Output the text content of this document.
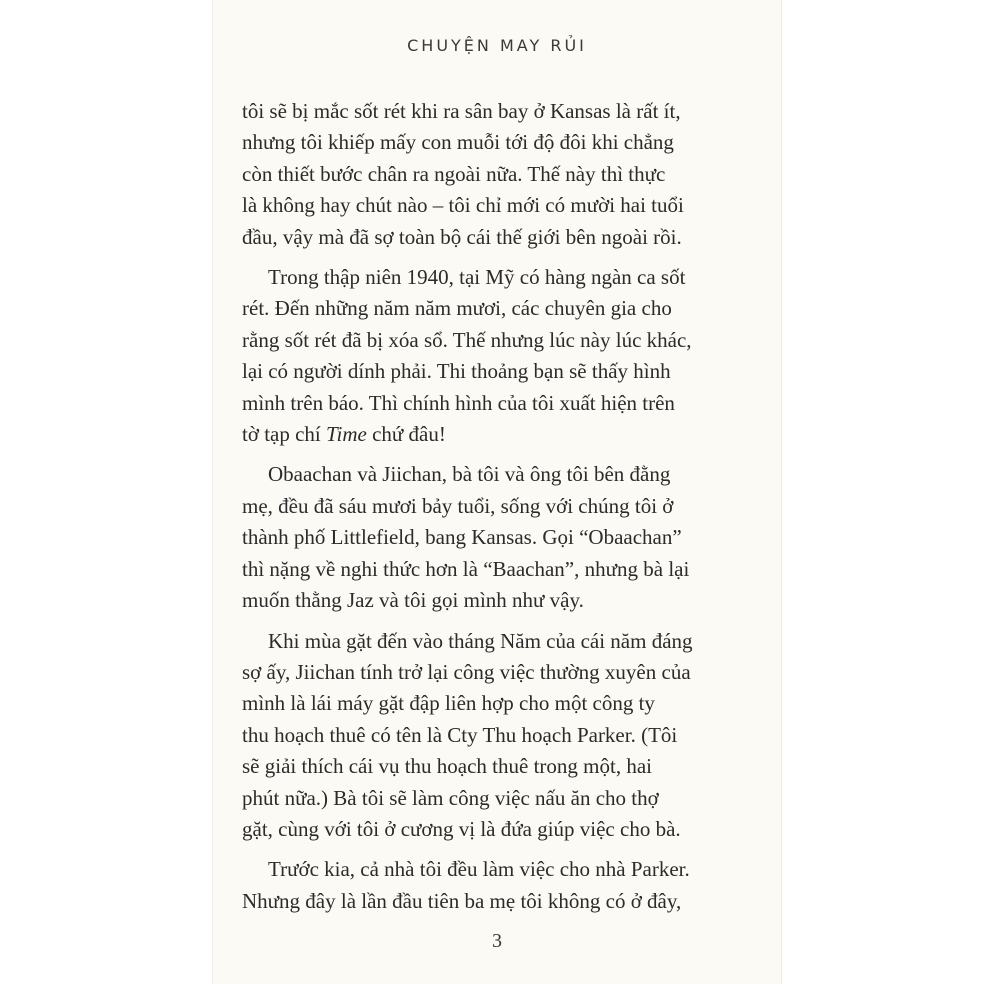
CHUYỆN MAY RỦI
tôi sẽ bị mắc sốt rét khi ra sân bay ở Kansas là rất ít,
nhưng tôi khiếp mấy con muỗi tới độ đôi khi chẳng
còn thiết bước chân ra ngoài nữa. Thế này thì thực
là không hay chút nào – tôi chỉ mới có mười hai tuổi
đầu, vậy mà đã sợ toàn bộ cái thế giới bên ngoài rồi.
Trong thập niên 1940, tại Mỹ có hàng ngàn ca sốt
rét. Đến những năm năm mươi, các chuyên gia cho
rằng sốt rét đã bị xóa sổ. Thế nhưng lúc này lúc khác,
lại có người dính phải. Thi thoảng bạn sẽ thấy hình
mình trên báo. Thì chính hình của tôi xuất hiện trên
tờ tạp chí Time chứ đâu!
Obaachan và Jiichan, bà tôi và ông tôi bên đằng
mẹ, đều đã sáu mươi bảy tuổi, sống với chúng tôi ở
thành phố Littlefield, bang Kansas. Gọi “Obaachan”
thì nặng về nghi thức hơn là “Baachan”, nhưng bà lại
muốn thằng Jaz và tôi gọi mình như vậy.
Khi mùa gặt đến vào tháng Năm của cái năm đáng
sợ ấy, Jiichan tính trở lại công việc thường xuyên của
mình là lái máy gặt đập liên hợp cho một công ty
thu hoạch thuê có tên là Cty Thu hoạch Parker. (Tôi
sẽ giải thích cái vụ thu hoạch thuê trong một, hai
phút nữa.) Bà tôi sẽ làm công việc nấu ăn cho thợ
gặt, cùng với tôi ở cương vị là đứa giúp việc cho bà.
Trước kia, cả nhà tôi đều làm việc cho nhà Parker.
Nhưng đây là lần đầu tiên ba mẹ tôi không có ở đây,
3
